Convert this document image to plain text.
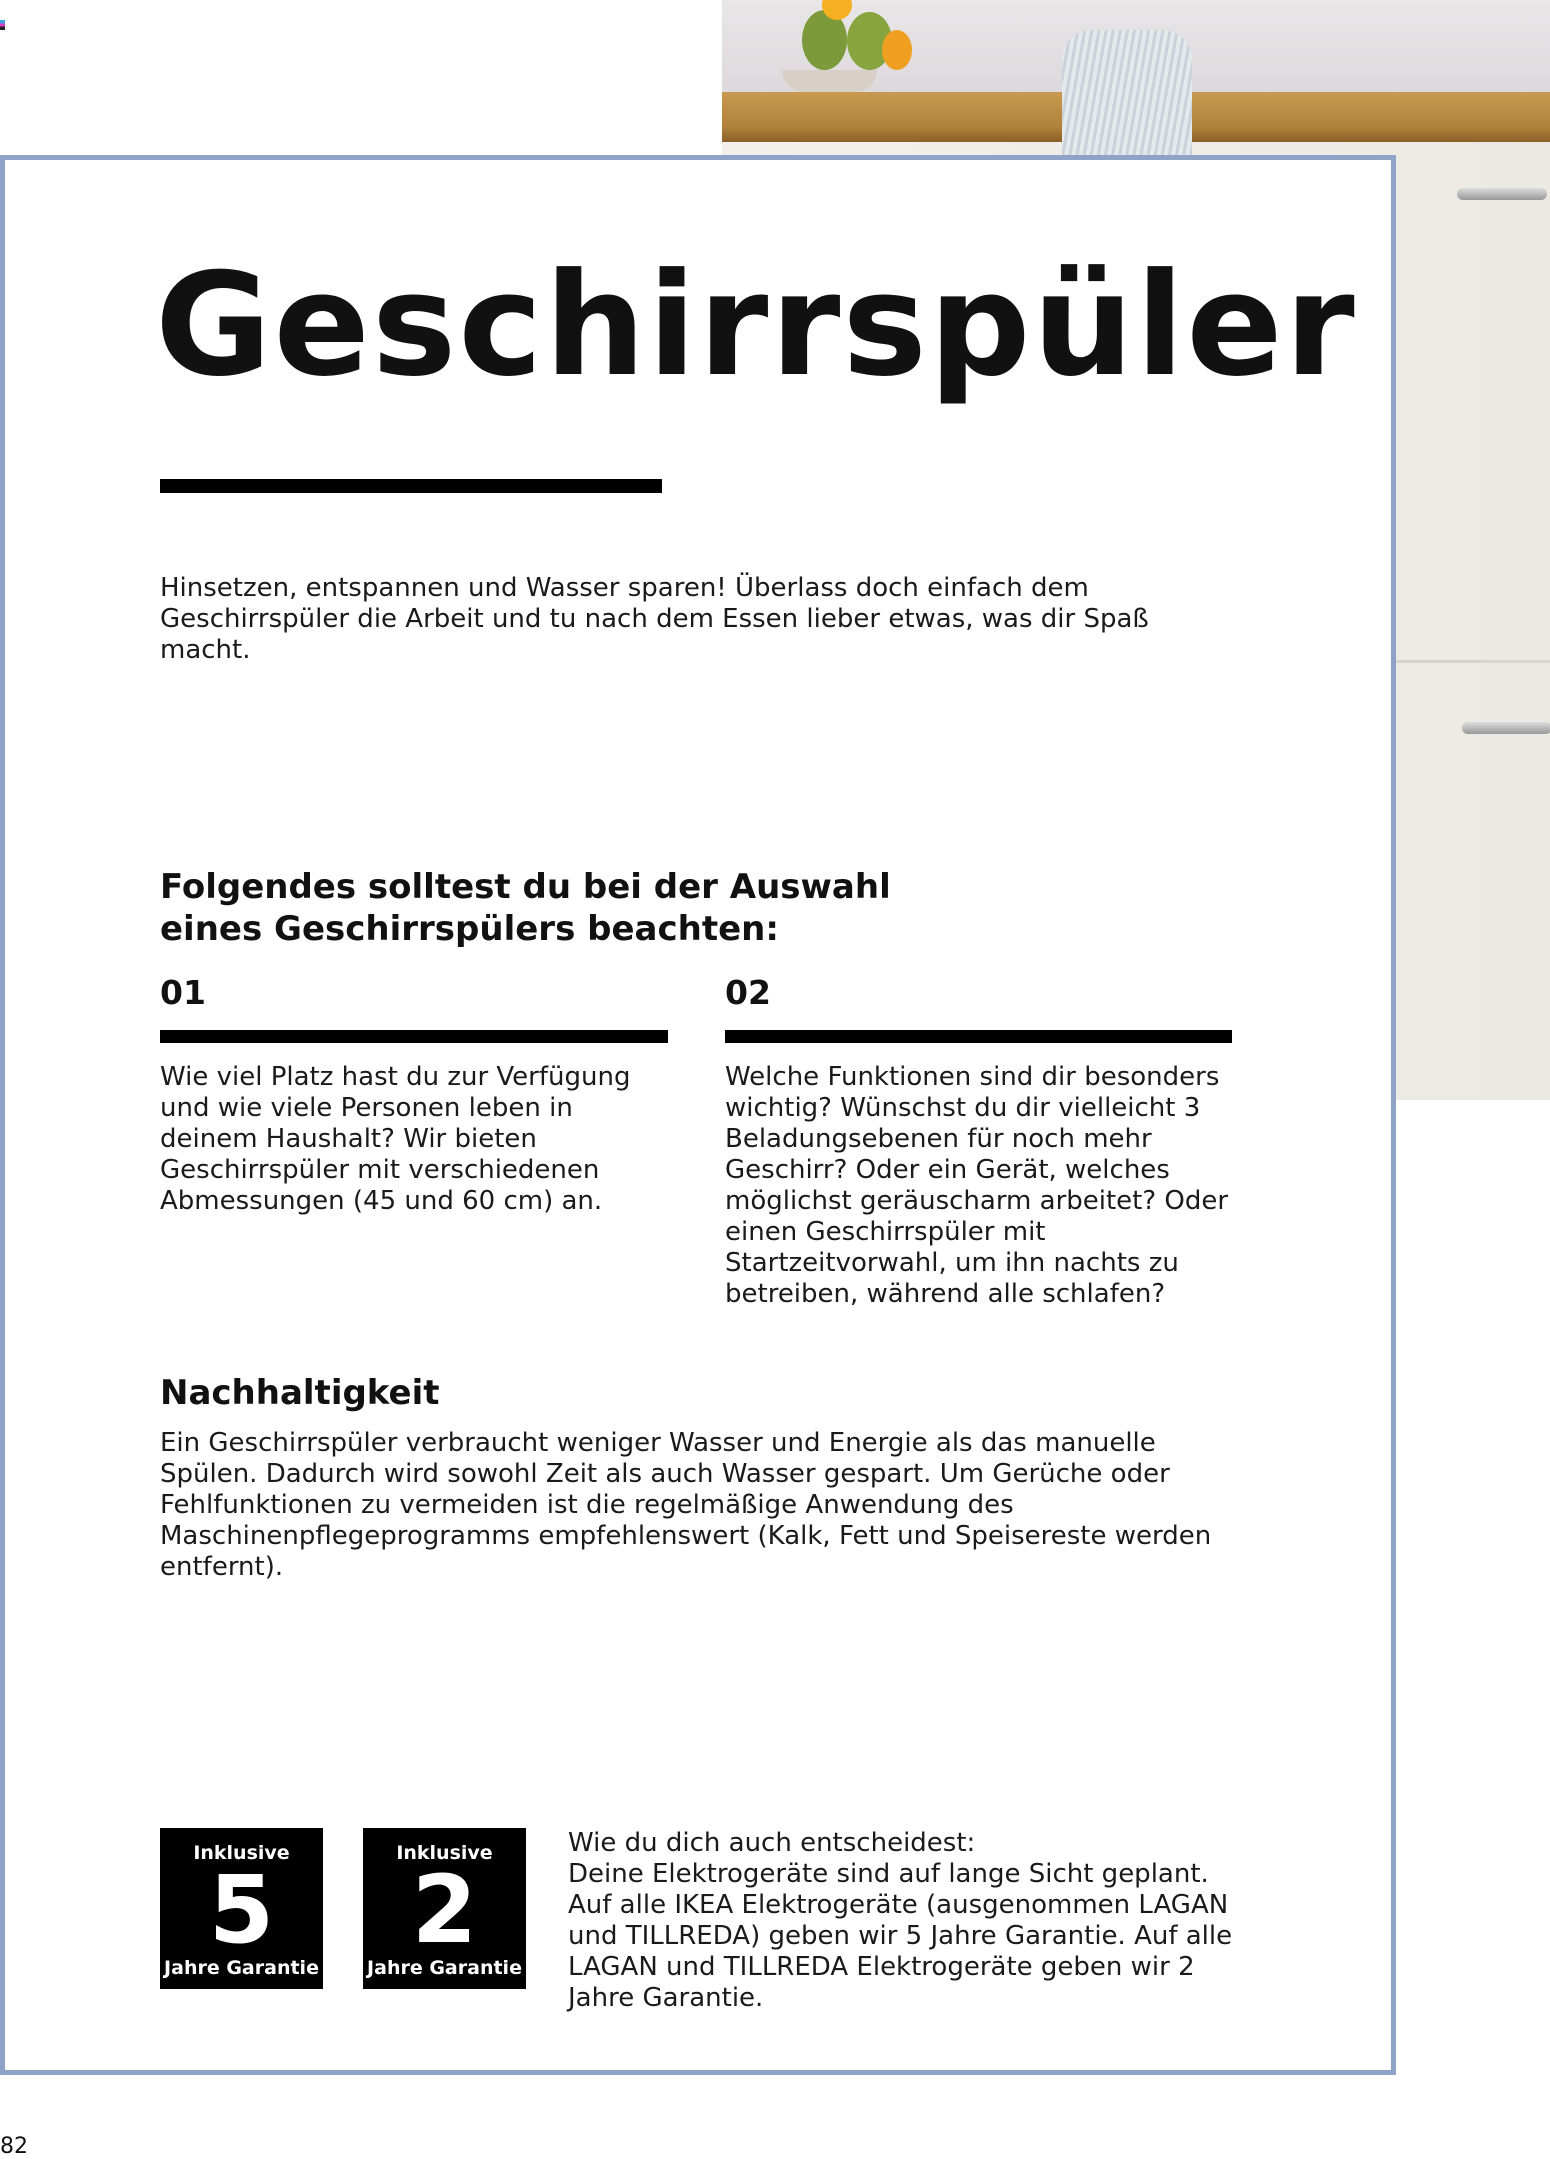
Geschirrspüler
Hinsetzen, entspannen und Wasser sparen! Überlass doch einfach dem Geschirrspüler die Arbeit und tu nach dem Essen lieber etwas, was dir Spaß macht.
Folgendes solltest du bei der Auswahl
eines Geschirrspülers beachten:
01
Wie viel Platz hast du zur Verfügung und wie viele Personen leben in deinem Haushalt? Wir bieten Geschirrspüler mit verschiedenen Abmessungen (45 und 60 cm) an.
02
Welche Funktionen sind dir besonders wichtig? Wünschst du dir vielleicht 3 Beladungsebenen für noch mehr Geschirr? Oder ein Gerät, welches möglichst geräuscharm arbeitet? Oder einen Geschirrspüler mit Startzeitvorwahl, um ihn nachts zu betreiben, während alle schlafen?
Nachhaltigkeit
Ein Geschirrspüler verbraucht weniger Wasser und Energie als das manuelle Spülen. Dadurch wird sowohl Zeit als auch Wasser gespart. Um Gerüche oder Fehlfunktionen zu vermeiden ist die regelmäßige Anwendung des Maschinenpflegeprogramms empfehlenswert (Kalk, Fett und Speisereste werden entfernt).
Inklusive
5
Jahre Garantie
Inklusive
2
Jahre Garantie
Wie du dich auch entscheidest:
Deine Elektrogeräte sind auf lange Sicht geplant. Auf alle IKEA Elektrogeräte (ausgenommen LAGAN und TILLREDA) geben wir 5 Jahre Garantie. Auf alle LAGAN und TILLREDA Elektrogeräte geben wir 2 Jahre Garantie.
82
